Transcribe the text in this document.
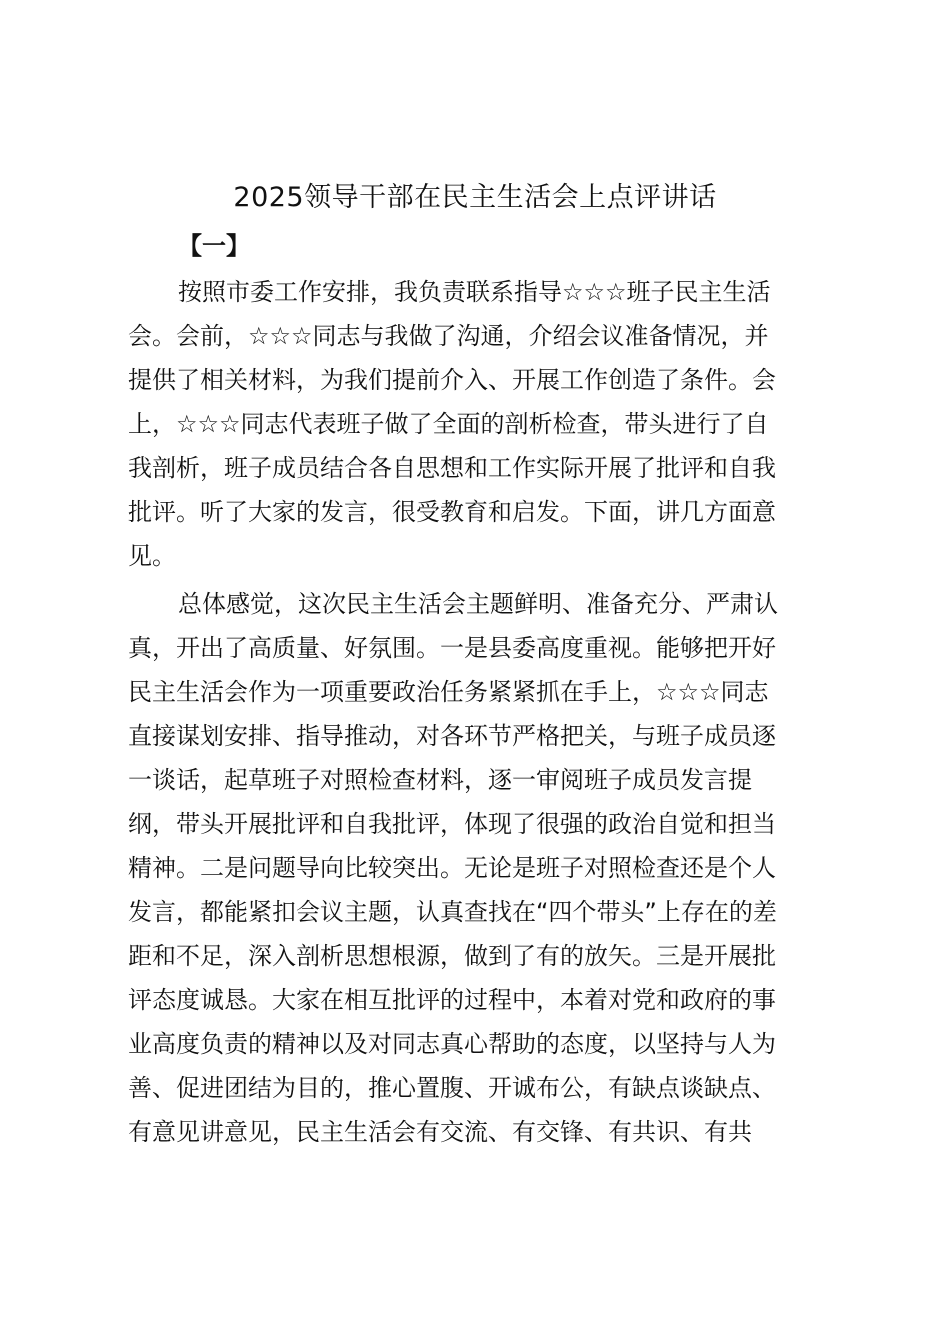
2025领导干部在民主生活会上点评讲话
【一】
按照市委工作安排，我负责联系指导☆☆☆班子民主生活
会。会前，☆☆☆同志与我做了沟通，介绍会议准备情况，并
提供了相关材料，为我们提前介入、开展工作创造了条件。会
上，☆☆☆同志代表班子做了全面的剖析检查，带头进行了自
我剖析，班子成员结合各自思想和工作实际开展了批评和自我
批评。听了大家的发言，很受教育和启发。下面，讲几方面意
见。
总体感觉，这次民主生活会主题鲜明、准备充分、严肃认
真，开出了高质量、好氛围。一是县委高度重视。能够把开好
民主生活会作为一项重要政治任务紧紧抓在手上，☆☆☆同志
直接谋划安排、指导推动，对各环节严格把关，与班子成员逐
一谈话，起草班子对照检查材料，逐一审阅班子成员发言提
纲，带头开展批评和自我批评，体现了很强的政治自觉和担当
精神。二是问题导向比较突出。无论是班子对照检查还是个人
发言，都能紧扣会议主题，认真查找在“四个带头”上存在的差
距和不足，深入剖析思想根源，做到了有的放矢。三是开展批
评态度诚恳。大家在相互批评的过程中，本着对党和政府的事
业高度负责的精神以及对同志真心帮助的态度，以坚持与人为
善、促进团结为目的，推心置腹、开诚布公，有缺点谈缺点、
有意见讲意见，民主生活会有交流、有交锋、有共识、有共
